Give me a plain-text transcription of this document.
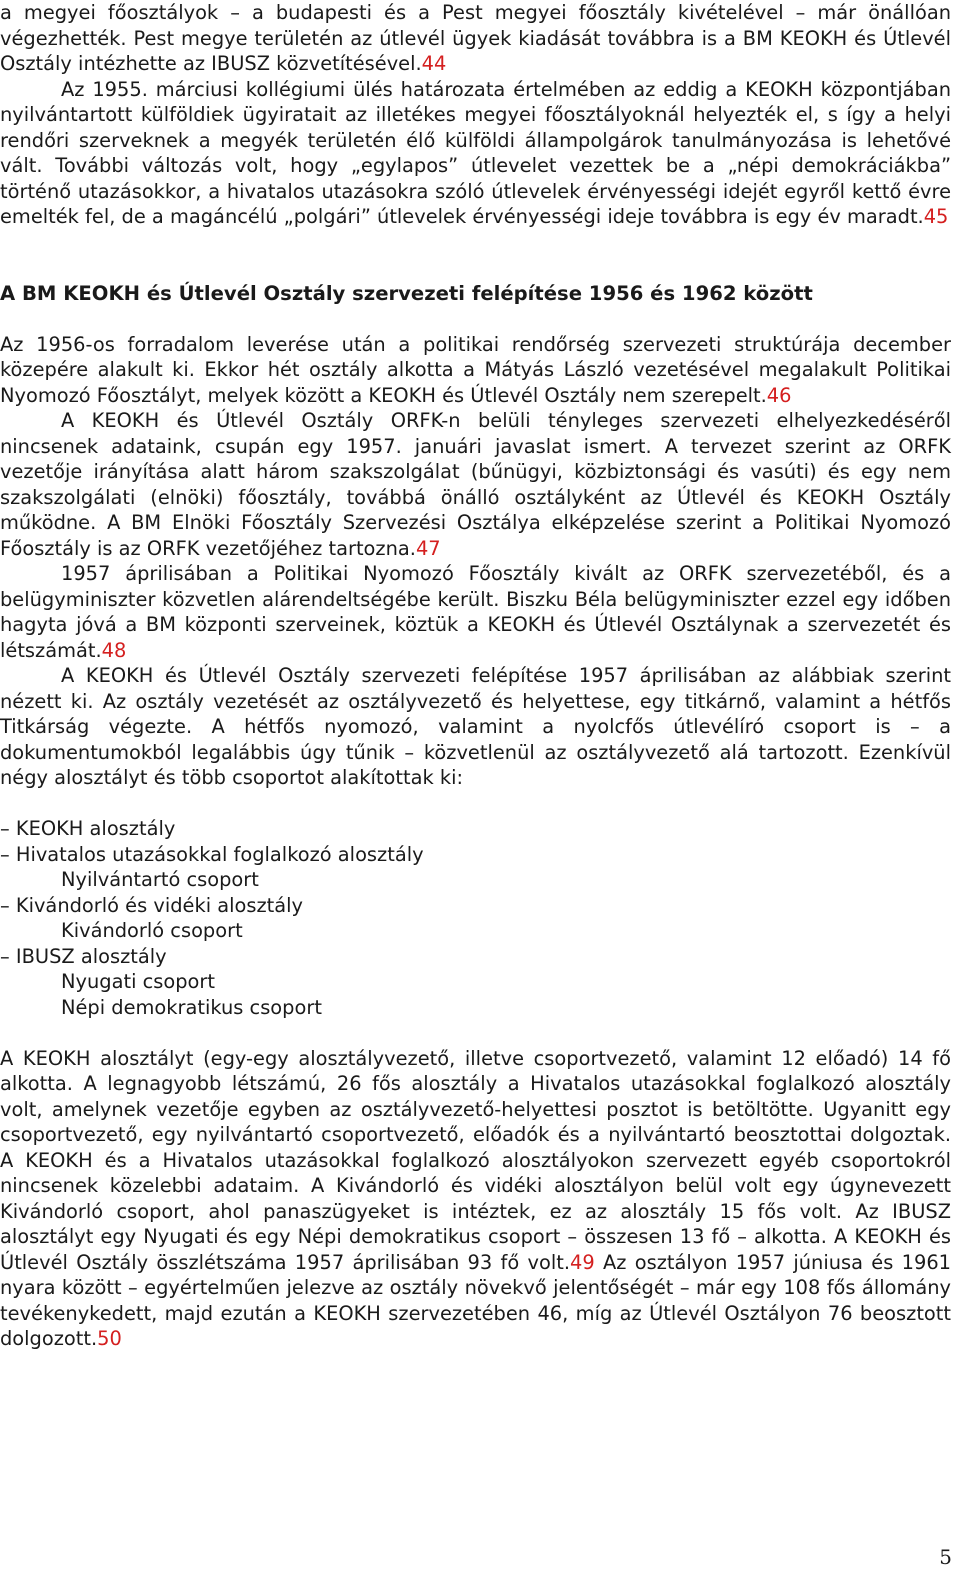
a megyei főosztályok – a budapesti és a Pest megyei főosztály kivételével – már önállóan végezhették. Pest megye területén az útlevél ügyek kiadását továbbra is a BM KEOKH és Útlevél Osztály intézhette az IBUSZ közvetítésével.44

Az 1955. márciusi kollégiumi ülés határozata értelmében az eddig a KEOKH központjában nyilvántartott külföldiek ügyiratait az illetékes megyei főosztályoknál helyezték el, s így a helyi rendőri szerveknek a megyék területén élő külföldi állampolgárok tanulmányozása is lehetővé vált. További változás volt, hogy „egylapos” útlevelet vezettek be a „népi demokráciákba” történő utazásokkor, a hivatalos utazásokra szóló útlevelek érvényességi idejét egyről kettő évre emelték fel, de a magáncélú „polgári” útlevelek érvényességi ideje továbbra is egy év maradt.45

A BM KEOKH és Útlevél Osztály szervezeti felépítése 1956 és 1962 között

Az 1956-os forradalom leverése után a politikai rendőrség szervezeti struktúrája december közepére alakult ki. Ekkor hét osztály alkotta a Mátyás László vezetésével megalakult Politikai Nyomozó Főosztályt, melyek között a KEOKH és Útlevél Osztály nem szerepelt.46

A KEOKH és Útlevél Osztály ORFK-n belüli tényleges szervezeti elhelyezkedéséről nincsenek adataink, csupán egy 1957. januári javaslat ismert. A tervezet szerint az ORFK vezetője irányítása alatt három szakszolgálat (bűnügyi, közbiztonsági és vasúti) és egy nem szakszolgálati (elnöki) főosztály, továbbá önálló osztályként az Útlevél és KEOKH Osztály működne. A BM Elnöki Főosztály Szervezési Osztálya elképzelése szerint a Politikai Nyomozó Főosztály is az ORFK vezetőjéhez tartozna.47

1957 áprilisában a Politikai Nyomozó Főosztály kivált az ORFK szervezetéből, és a belügyminiszter közvetlen alárendeltségébe került. Biszku Béla belügyminiszter ezzel egy időben hagyta jóvá a BM központi szerveinek, köztük a KEOKH és Útlevél Osztálynak a szervezetét és létszámát.48

A KEOKH és Útlevél Osztály szervezeti felépítése 1957 áprilisában az alábbiak szerint nézett ki. Az osztály vezetését az osztályvezető és helyettese, egy titkárnő, valamint a hétfős Titkárság végezte. A hétfős nyomozó, valamint a nyolcfős útlevélíró csoport is – a dokumentumokból legalábbis úgy tűnik – közvetlenül az osztályvezető alá tartozott. Ezenkívül négy alosztályt és több csoportot alakítottak ki:

– KEOKH alosztály
– Hivatalos utazásokkal foglalkozó alosztály
Nyilvántartó csoport
– Kivándorló és vidéki alosztály
Kivándorló csoport
– IBUSZ alosztály
Nyugati csoport
Népi demokratikus csoport

A KEOKH alosztályt (egy-egy alosztályvezető, illetve csoportvezető, valamint 12 előadó) 14 fő alkotta. A legnagyobb létszámú, 26 fős alosztály a Hivatalos utazásokkal foglalkozó alosztály volt, amelynek vezetője egyben az osztályvezető-helyettesi posztot is betöltötte. Ugyanitt egy csoportvezető, egy nyilvántartó csoportvezető, előadók és a nyilvántartó beosztottai dolgoztak. A KEOKH és a Hivatalos utazásokkal foglalkozó alosztályokon szervezett egyéb csoportokról nincsenek közelebbi adataim. A Kivándorló és vidéki alosztályon belül volt egy úgynevezett Kivándorló csoport, ahol panaszügyeket is intéztek, ez az alosztály 15 fős volt. Az IBUSZ alosztályt egy Nyugati és egy Népi demokratikus csoport – összesen 13 fő – alkotta. A KEOKH és Útlevél Osztály összlétszáma 1957 áprilisában 93 fő volt.49 Az osztályon 1957 júniusa és 1961 nyara között – egyértelműen jelezve az osztály növekvő jelentőségét – már egy 108 fős állomány tevékenykedett, majd ezután a KEOKH szervezetében 46, míg az Útlevél Osztályon 76 beosztott dolgozott.50

5
